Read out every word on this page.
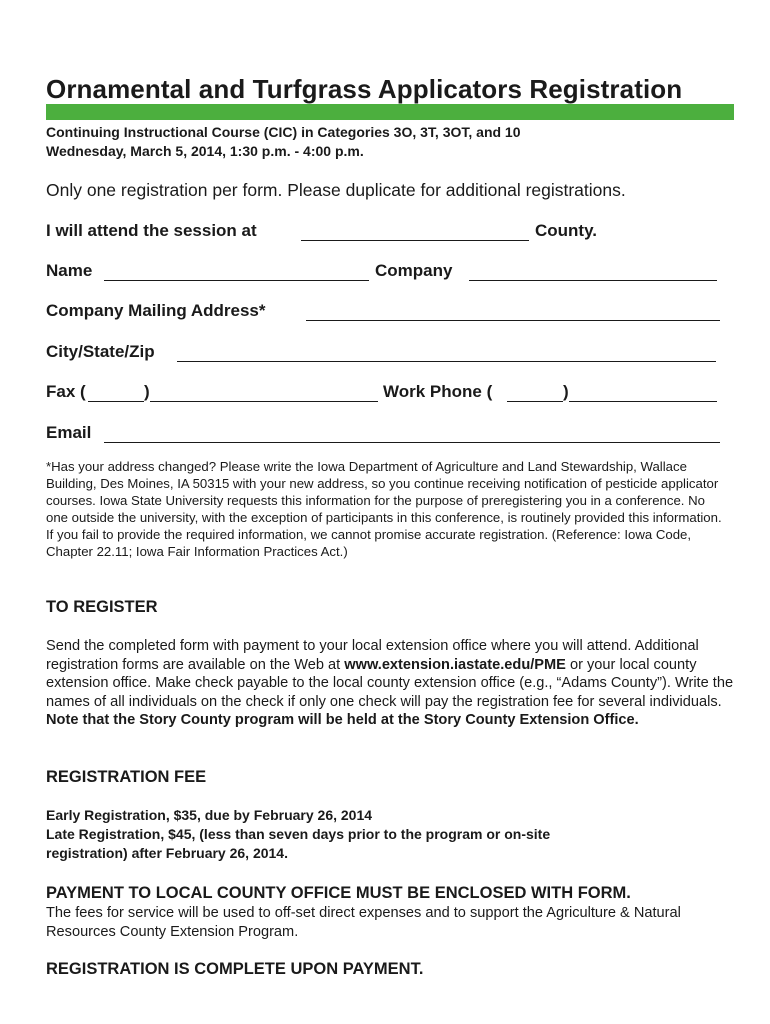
Ornamental and Turfgrass Applicators Registration
Continuing Instructional Course (CIC) in Categories 3O, 3T, 3OT, and 10
Wednesday, March 5, 2014, 1:30 p.m. - 4:00 p.m.
Only one registration per form. Please duplicate for additional registrations.
I will attend the session at	County.
Name	Company
Company Mailing Address*
City/State/Zip
Fax (	)	Work Phone (	)
Email
*Has your address changed? Please write the Iowa Department of Agriculture and Land Stewardship, Wallace Building, Des Moines, IA 50315 with your new address, so you continue receiving notification of pesticide applicator courses. Iowa State University requests this information for the purpose of preregistering you in a conference. No one outside the university, with the exception of participants in this conference, is routinely provided this information. If you fail to provide the required information, we cannot promise accurate registration. (Reference: Iowa Code, Chapter 22.11; Iowa Fair Information Practices Act.)
TO REGISTER
Send the completed form with payment to your local extension office where you will attend. Additional registration forms are available on the Web at www.extension.iastate.edu/PME or your local county extension office. Make check payable to the local county extension office (e.g., “Adams County”). Write the names of all individuals on the check if only one check will pay the registration fee for several individuals. Note that the Story County program will be held at the Story County Extension Office.
REGISTRATION FEE
Early Registration, $35, due by February 26, 2014
Late Registration, $45, (less than seven days prior to the program or on-site
registration) after February 26, 2014.
PAYMENT TO LOCAL COUNTY OFFICE MUST BE ENCLOSED WITH FORM.
The fees for service will be used to off-set direct expenses and to support the Agriculture & Natural Resources County Extension Program.
REGISTRATION IS COMPLETE UPON PAYMENT.
